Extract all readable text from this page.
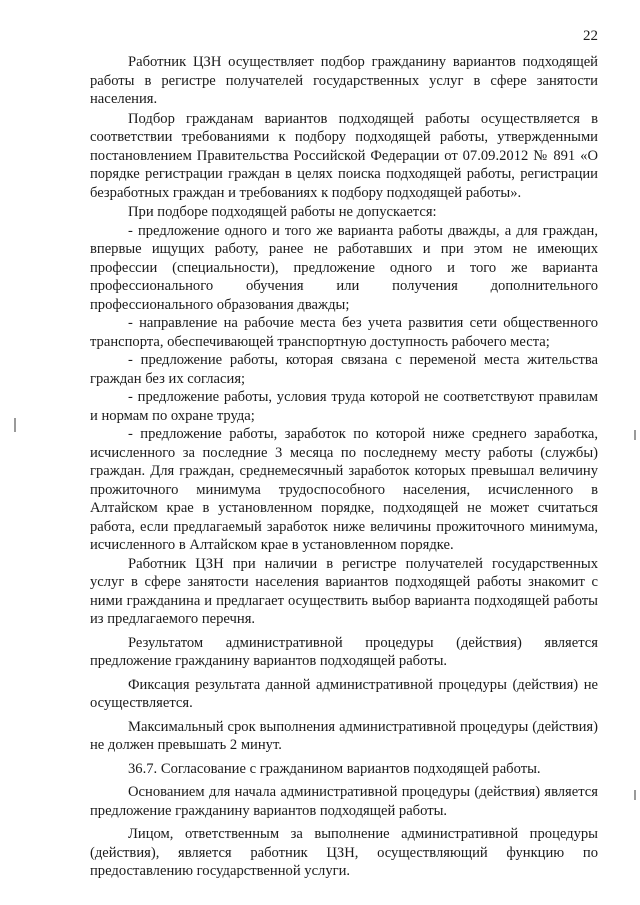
22

Работник ЦЗН осуществляет подбор гражданину вариантов подходящей работы в регистре получателей государственных услуг в сфере занятости населения.

Подбор гражданам вариантов подходящей работы осуществляется в соответствии требованиями к подбору подходящей работы, утвержденными постановлением Правительства Российской Федерации от 07.09.2012 № 891 «О порядке регистрации граждан в целях поиска подходящей работы, регистрации безработных граждан и требованиях к подбору подходящей работы».

При подборе подходящей работы не допускается:

- предложение одного и того же варианта работы дважды, а для граждан, впервые ищущих работу, ранее не работавших и при этом не имеющих профессии (специальности), предложение одного и того же варианта профессионального обучения или получения дополнительного профессионального образования дважды;

- направление на рабочие места без учета развития сети общественного транспорта, обеспечивающей транспортную доступность рабочего места;

- предложение работы, которая связана с переменой места жительства граждан без их согласия;

- предложение работы, условия труда которой не соответствуют правилам и нормам по охране труда;

- предложение работы, заработок по которой ниже среднего заработка, исчисленного за последние 3 месяца по последнему месту работы (службы) граждан. Для граждан, среднемесячный заработок которых превышал величину прожиточного минимума трудоспособного населения, исчисленного в Алтайском крае в установленном порядке, подходящей не может считаться работа, если предлагаемый заработок ниже величины прожиточного минимума, исчисленного в Алтайском крае в установленном порядке.

Работник ЦЗН при наличии в регистре получателей государственных услуг в сфере занятости населения вариантов подходящей работы знакомит с ними гражданина и предлагает осуществить выбор варианта подходящей работы из предлагаемого перечня.

Результатом административной процедуры (действия) является предложение гражданину вариантов подходящей работы.

Фиксация результата данной административной процедуры (действия) не осуществляется.

Максимальный срок выполнения административной процедуры (действия) не должен превышать 2 минут.

36.7. Согласование с гражданином вариантов подходящей работы.

Основанием для начала административной процедуры (действия) является предложение гражданину вариантов подходящей работы.

Лицом, ответственным за выполнение административной процедуры (действия), является работник ЦЗН, осуществляющий функцию по предоставлению государственной услуги.
